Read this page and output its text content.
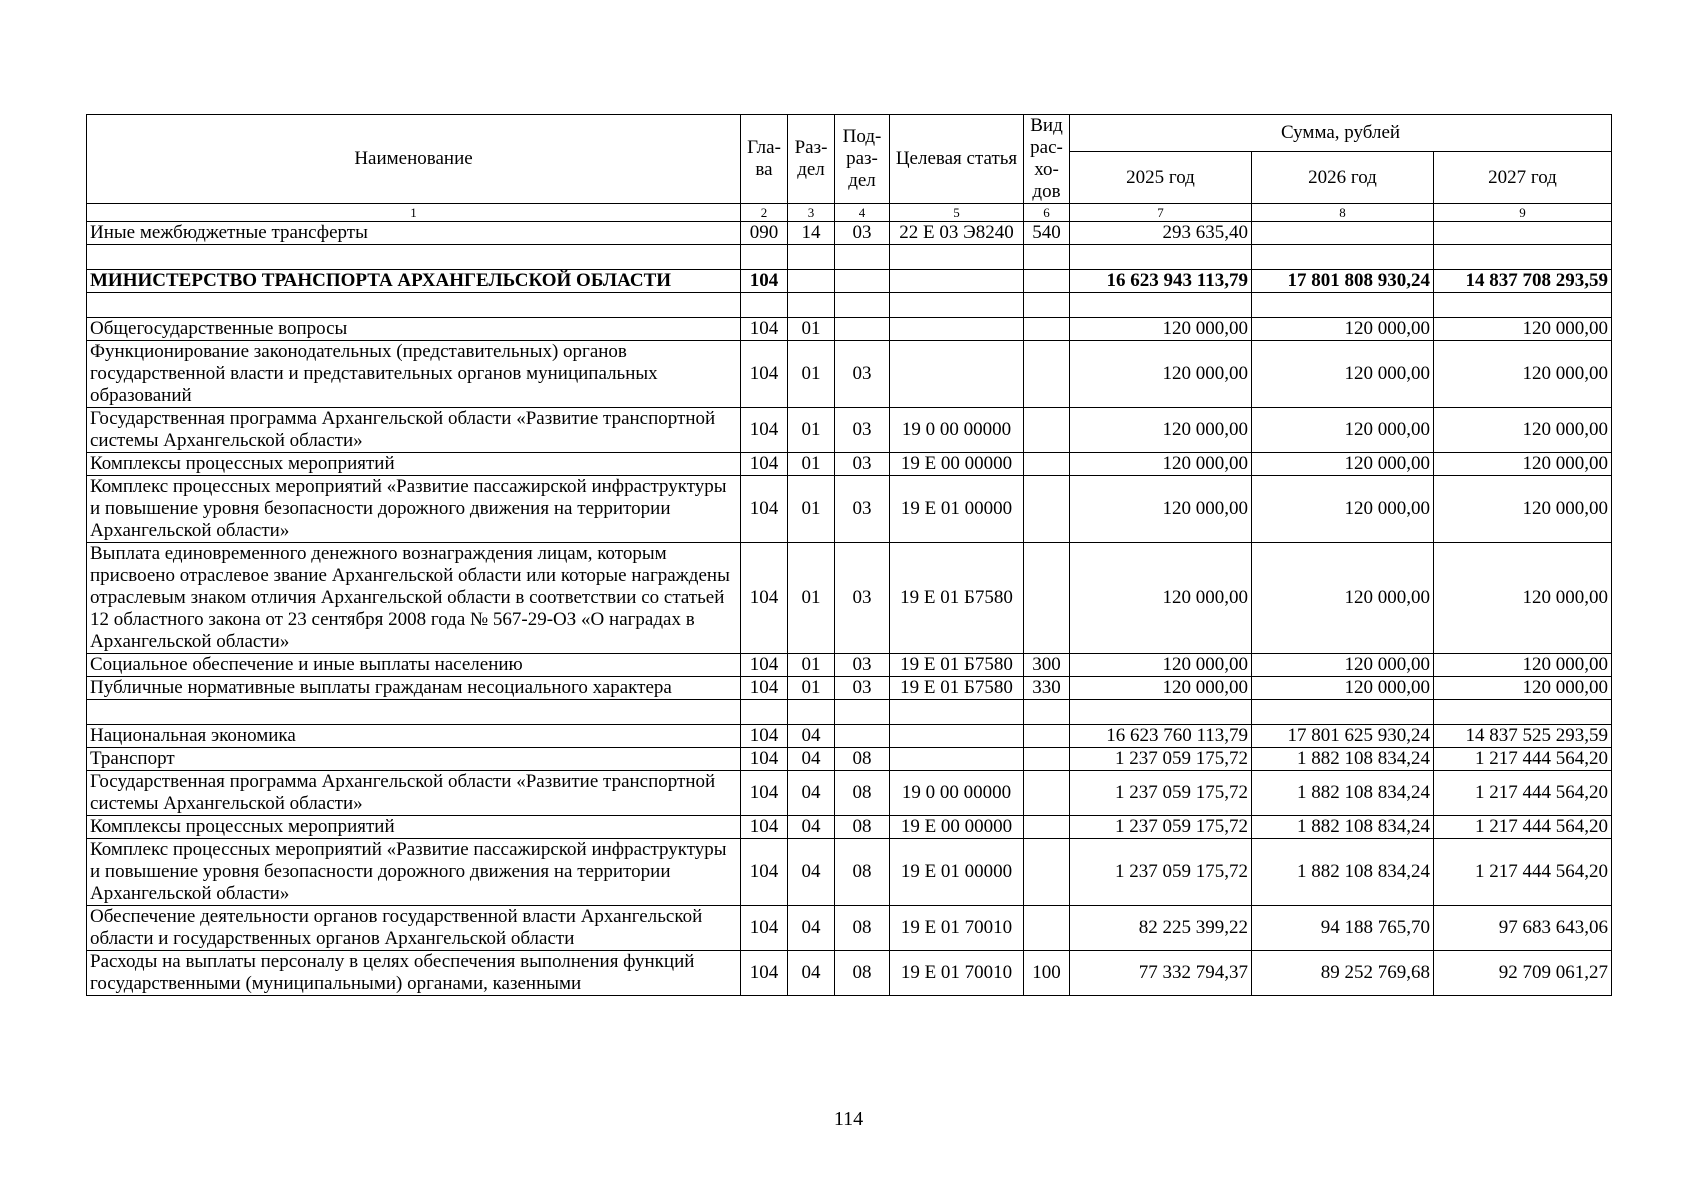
Наименование	Гла-ва	Раз-дел	Под-раз-дел	Целевая статья	Вид рас-хо-дов	Сумма, рублей		
						2025 год	2026 год	2027 год
1	2	3	4	5	6	7	8	9
Иные межбюджетные трансферты	090	14	03	22 Е 03 Э8240	540	293 635,40		

МИНИСТЕРСТВО ТРАНСПОРТА АРХАНГЕЛЬСКОЙ ОБЛАСТИ	104					16 623 943 113,79	17 801 808 930,24	14 837 708 293,59

Общегосударственные вопросы	104	01				120 000,00	120 000,00	120 000,00
Функционирование законодательных (представительных) органов государственной власти и представительных органов муниципальных образований	104	01	03			120 000,00	120 000,00	120 000,00
Государственная программа Архангельской области «Развитие транспортной системы Архангельской области»	104	01	03	19 0 00 00000		120 000,00	120 000,00	120 000,00
Комплексы процессных мероприятий	104	01	03	19 Е 00 00000		120 000,00	120 000,00	120 000,00
Комплекс процессных мероприятий «Развитие пассажирской инфраструктуры и повышение уровня безопасности дорожного движения на территории Архангельской области»	104	01	03	19 Е 01 00000		120 000,00	120 000,00	120 000,00
Выплата единовременного денежного вознаграждения лицам, которым присвоено отраслевое звание Архангельской области или которые награждены отраслевым знаком отличия Архангельской области в соответствии со статьей 12 областного закона от 23 сентября 2008 года № 567-29-ОЗ «О наградах в Архангельской области»	104	01	03	19 Е 01 Б7580		120 000,00	120 000,00	120 000,00
Социальное обеспечение и иные выплаты населению	104	01	03	19 Е 01 Б7580	300	120 000,00	120 000,00	120 000,00
Публичные нормативные выплаты гражданам несоциального характера	104	01	03	19 Е 01 Б7580	330	120 000,00	120 000,00	120 000,00

Национальная экономика	104	04				16 623 760 113,79	17 801 625 930,24	14 837 525 293,59
Транспорт	104	04	08			1 237 059 175,72	1 882 108 834,24	1 217 444 564,20
Государственная программа Архангельской области «Развитие транспортной системы Архангельской области»	104	04	08	19 0 00 00000		1 237 059 175,72	1 882 108 834,24	1 217 444 564,20
Комплексы процессных мероприятий	104	04	08	19 Е 00 00000		1 237 059 175,72	1 882 108 834,24	1 217 444 564,20
Комплекс процессных мероприятий «Развитие пассажирской инфраструктуры и повышение уровня безопасности дорожного движения на территории Архангельской области»	104	04	08	19 Е 01 00000		1 237 059 175,72	1 882 108 834,24	1 217 444 564,20
Обеспечение деятельности органов государственной власти Архангельской области и государственных органов Архангельской области	104	04	08	19 Е 01 70010		82 225 399,22	94 188 765,70	97 683 643,06
Расходы на выплаты персоналу в целях обеспечения выполнения функций государственными (муниципальными) органами, казенными	104	04	08	19 Е 01 70010	100	77 332 794,37	89 252 769,68	92 709 061,27
114
